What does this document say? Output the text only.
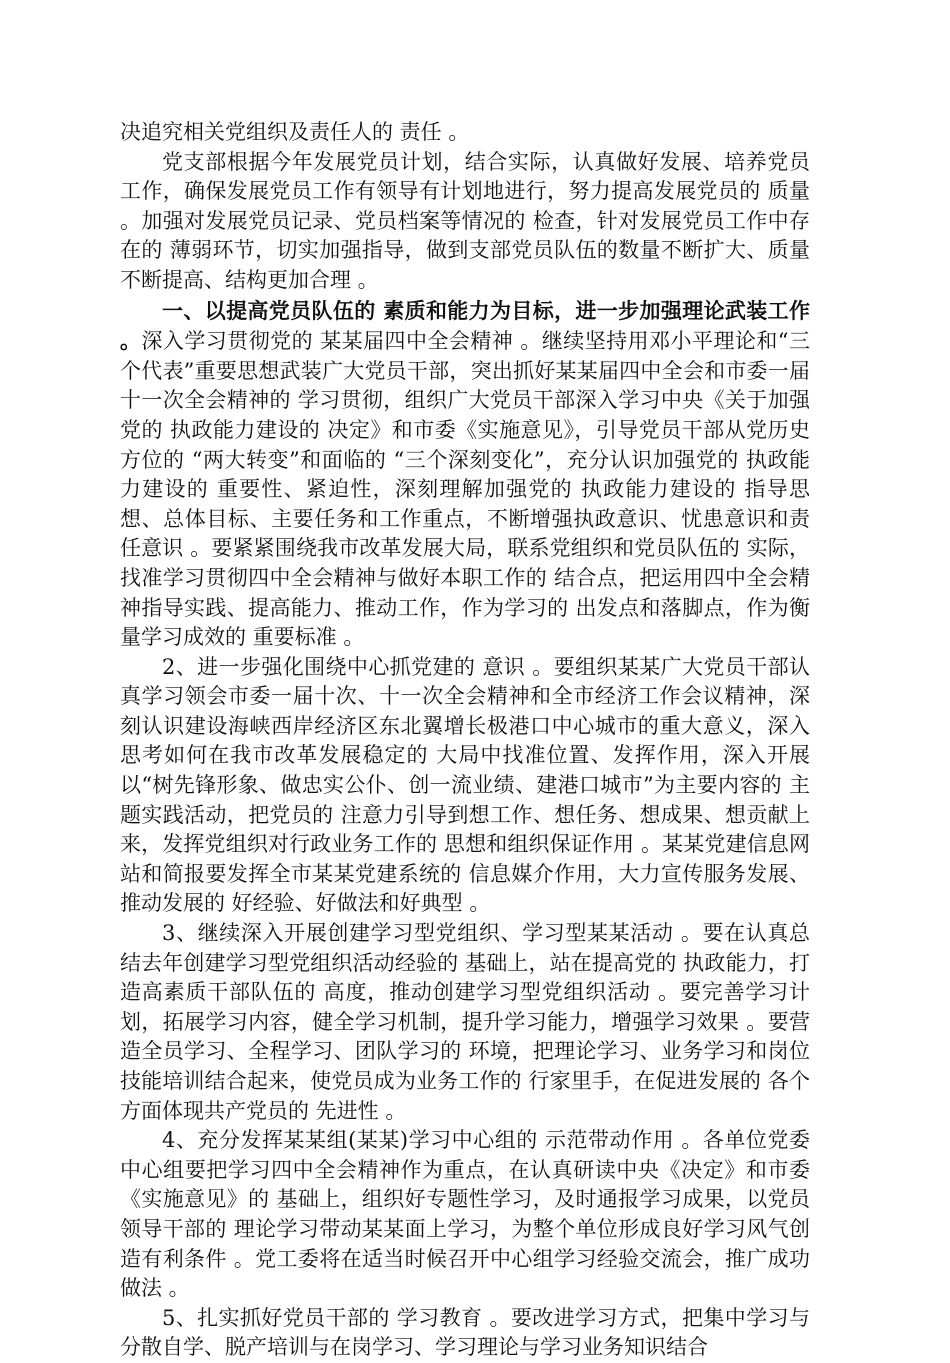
决追究相关党组织及责任人的 责任 。

党支部根据今年发展党员计划，结合实际，认真做好发展、培养党员工作，确保发展党员工作有领导有计划地进行，努力提高发展党员的 质量 。加强对发展党员记录、党员档案等情况的 检查，针对发展党员工作中存在的 薄弱环节，切实加强指导，做到支部党员队伍的数量不断扩大、质量不断提高、结构更加合理 。

一、以提高党员队伍的 素质和能力为目标，进一步加强理论武装工作 。深入学习贯彻党的 某某届四中全会精神 。继续坚持用邓小平理论和“三个代表”重要思想武装广大党员干部，突出抓好某某届四中全会和市委一届十一次全会精神的 学习贯彻，组织广大党员干部深入学习中央《关于加强党的 执政能力建设的 决定》和市委《实施意见》，引导党员干部从党历史方位的 “两大转变”和面临的 “三个深刻变化”，充分认识加强党的 执政能力建设的 重要性、紧迫性，深刻理解加强党的 执政能力建设的 指导思想、总体目标、主要任务和工作重点，不断增强执政意识、忧患意识和责任意识 。要紧紧围绕我市改革发展大局，联系党组织和党员队伍的 实际，找准学习贯彻四中全会精神与做好本职工作的 结合点，把运用四中全会精神指导实践、提高能力、推动工作，作为学习的 出发点和落脚点，作为衡量学习成效的 重要标准 。

2、进一步强化围绕中心抓党建的 意识 。要组织某某广大党员干部认真学习领会市委一届十次、十一次全会精神和全市经济工作会议精神，深刻认识建设海峡西岸经济区东北翼增长极港口中心城市的重大意义，深入思考如何在我市改革发展稳定的 大局中找准位置、发挥作用，深入开展以“树先锋形象、做忠实公仆、创一流业绩、建港口城市”为主要内容的 主题实践活动，把党员的 注意力引导到想工作、想任务、想成果、想贡献上来，发挥党组织对行政业务工作的 思想和组织保证作用 。某某党建信息网站和简报要发挥全市某某党建系统的 信息媒介作用，大力宣传服务发展、推动发展的 好经验、好做法和好典型 。

3、继续深入开展创建学习型党组织、学习型某某活动 。要在认真总结去年创建学习型党组织活动经验的 基础上，站在提高党的 执政能力，打造高素质干部队伍的 高度，推动创建学习型党组织活动 。要完善学习计划，拓展学习内容，健全学习机制，提升学习能力，增强学习效果 。要营造全员学习、全程学习、团队学习的 环境，把理论学习、业务学习和岗位技能培训结合起来，使党员成为业务工作的 行家里手，在促进发展的 各个方面体现共产党员的 先进性 。

4、充分发挥某某组(某某)学习中心组的 示范带动作用 。各单位党委中心组要把学习四中全会精神作为重点，在认真研读中央《决定》和市委《实施意见》的 基础上，组织好专题性学习，及时通报学习成果，以党员领导干部的 理论学习带动某某面上学习，为整个单位形成良好学习风气创造有利条件 。党工委将在适当时候召开中心组学习经验交流会，推广成功做法 。

5、扎实抓好党员干部的 学习教育 。要改进学习方式，把集中学习与分散自学、脱产培训与在岗学习、学习理论与学习业务知识结合
